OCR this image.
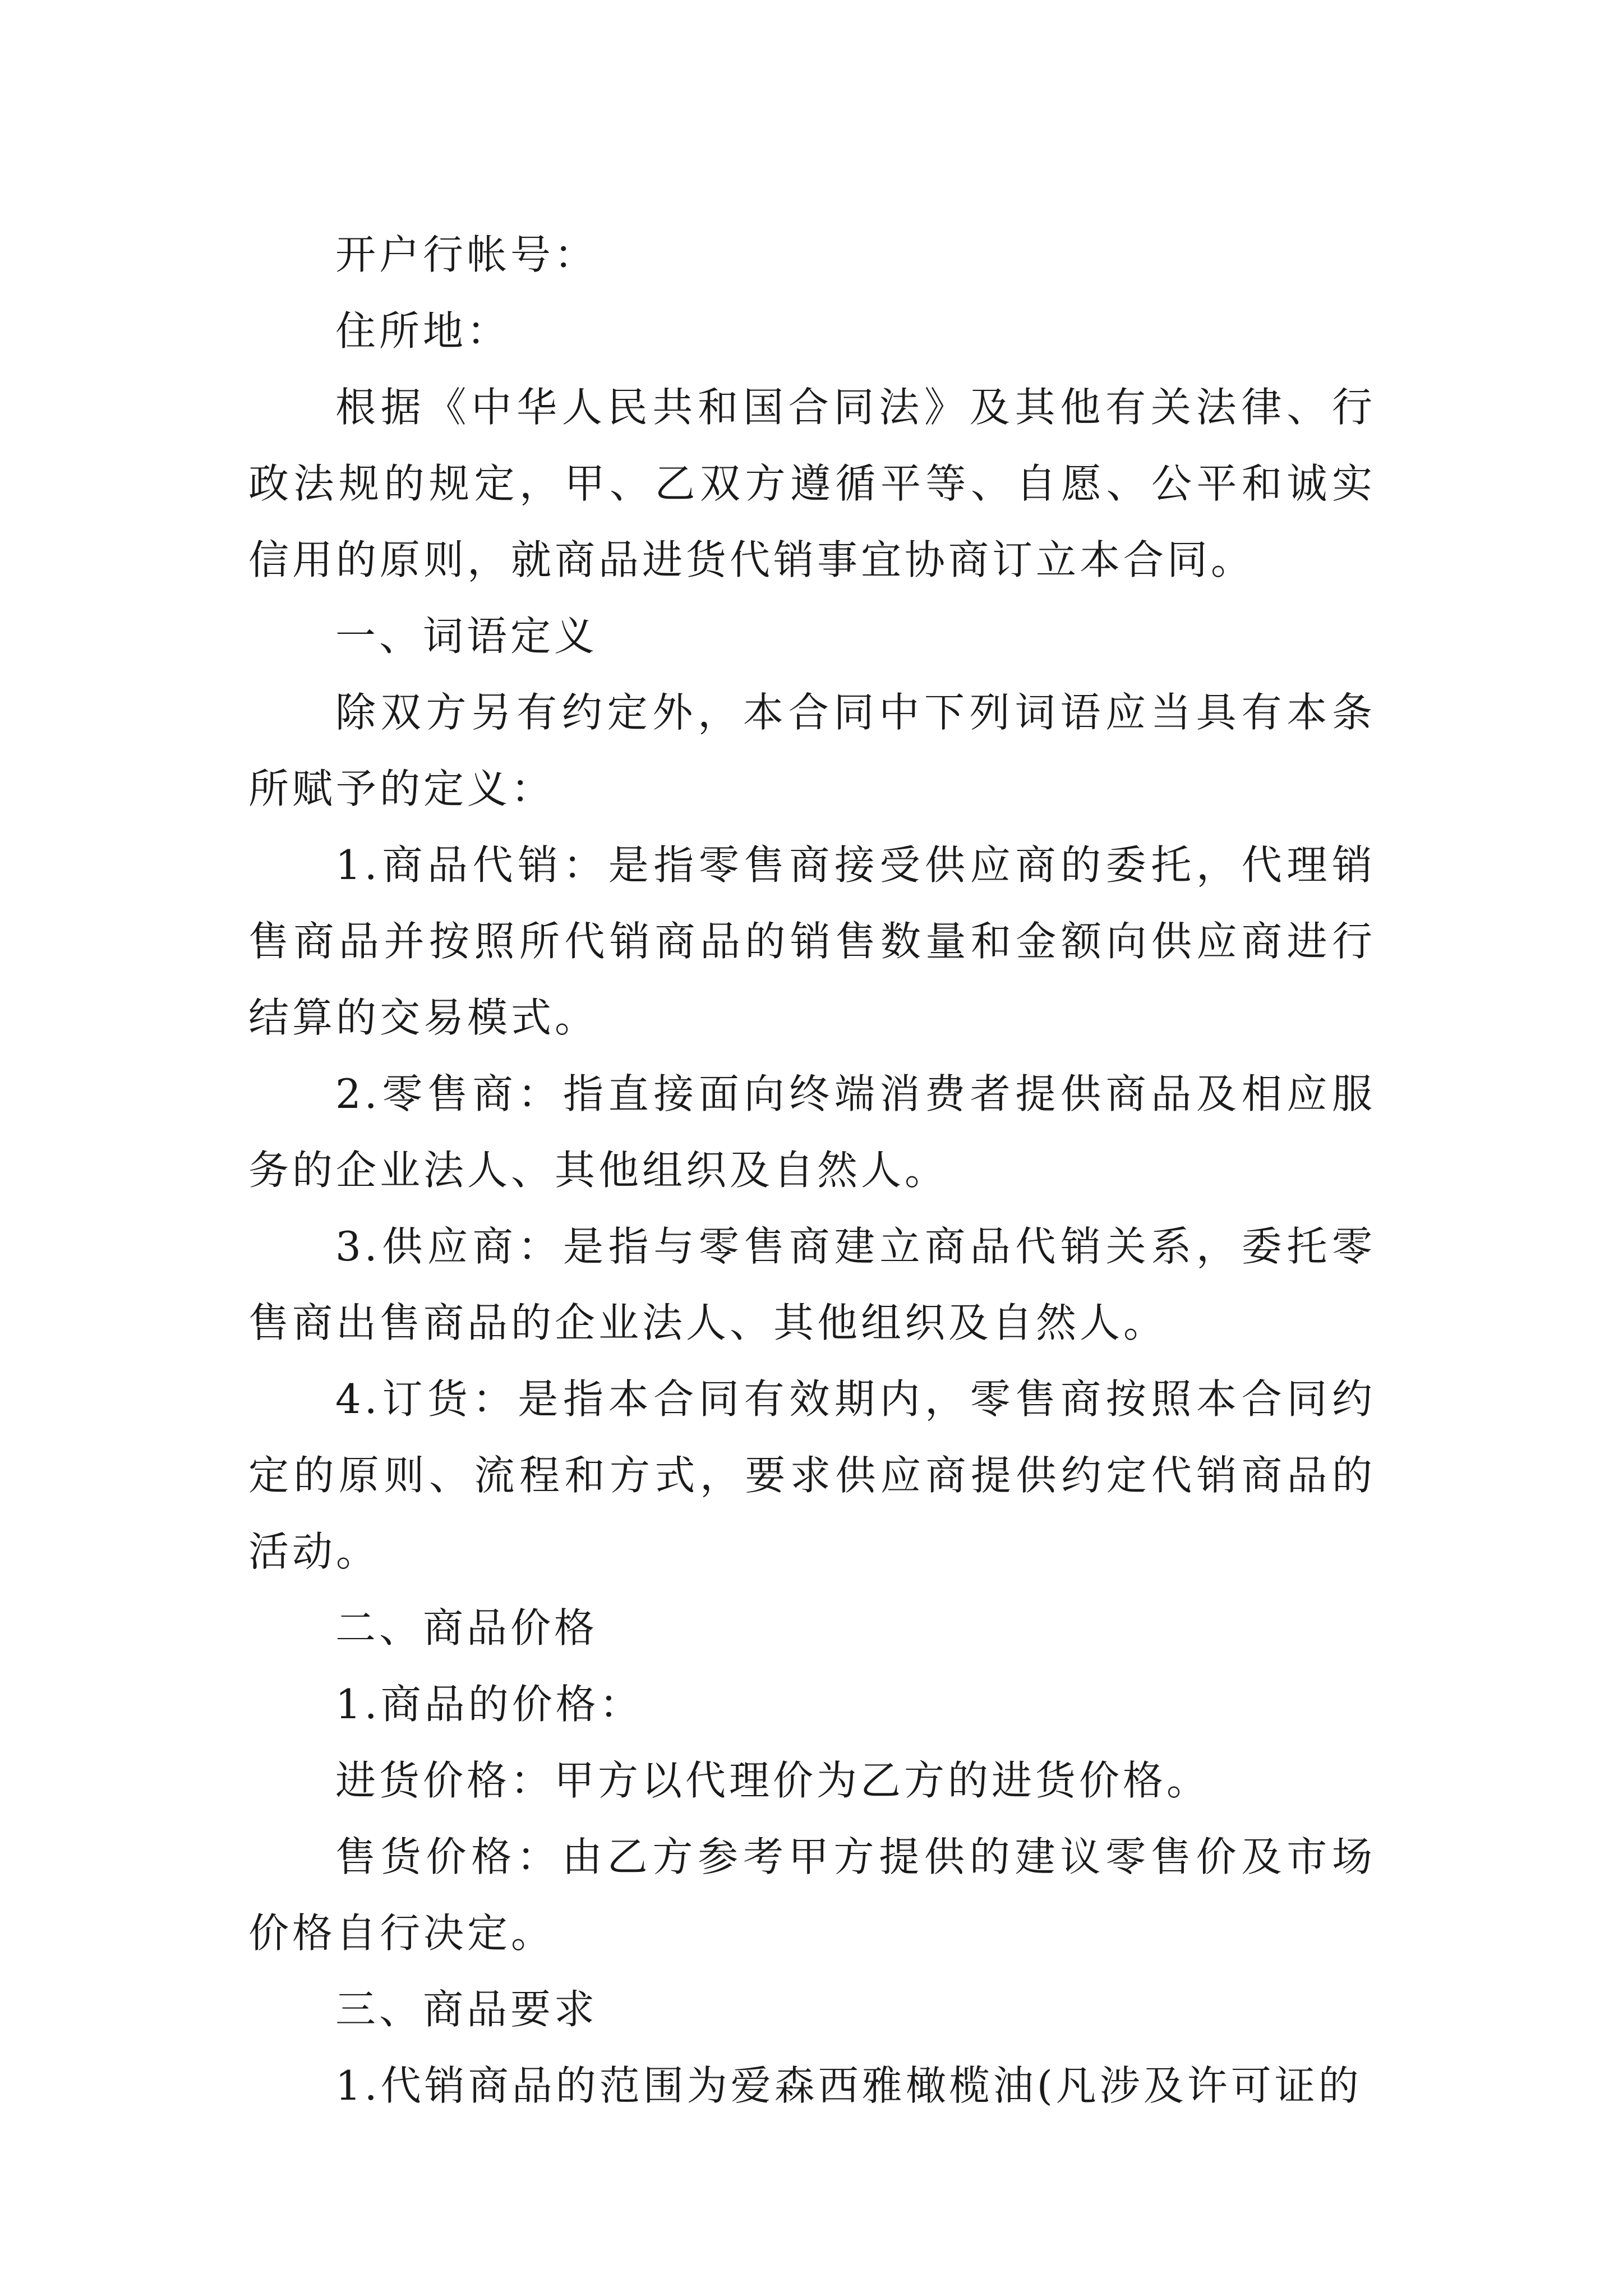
开户行帐号：

住所地：

根据《中华人民共和国合同法》及其他有关法律、行政法规的规定，甲、乙双方遵循平等、自愿、公平和诚实信用的原则，就商品进货代销事宜协商订立本合同。

一、词语定义

除双方另有约定外，本合同中下列词语应当具有本条所赋予的定义：

1.商品代销：是指零售商接受供应商的委托，代理销售商品并按照所代销商品的销售数量和金额向供应商进行结算的交易模式。

2.零售商：指直接面向终端消费者提供商品及相应服务的企业法人、其他组织及自然人。

3.供应商：是指与零售商建立商品代销关系，委托零售商出售商品的企业法人、其他组织及自然人。

4.订货：是指本合同有效期内，零售商按照本合同约定的原则、流程和方式，要求供应商提供约定代销商品的活动。

二、商品价格

1.商品的价格：

进货价格：甲方以代理价为乙方的进货价格。

售货价格：由乙方参考甲方提供的建议零售价及市场价格自行决定。

三、商品要求

1.代销商品的范围为爱森西雅橄榄油(凡涉及许可证的
